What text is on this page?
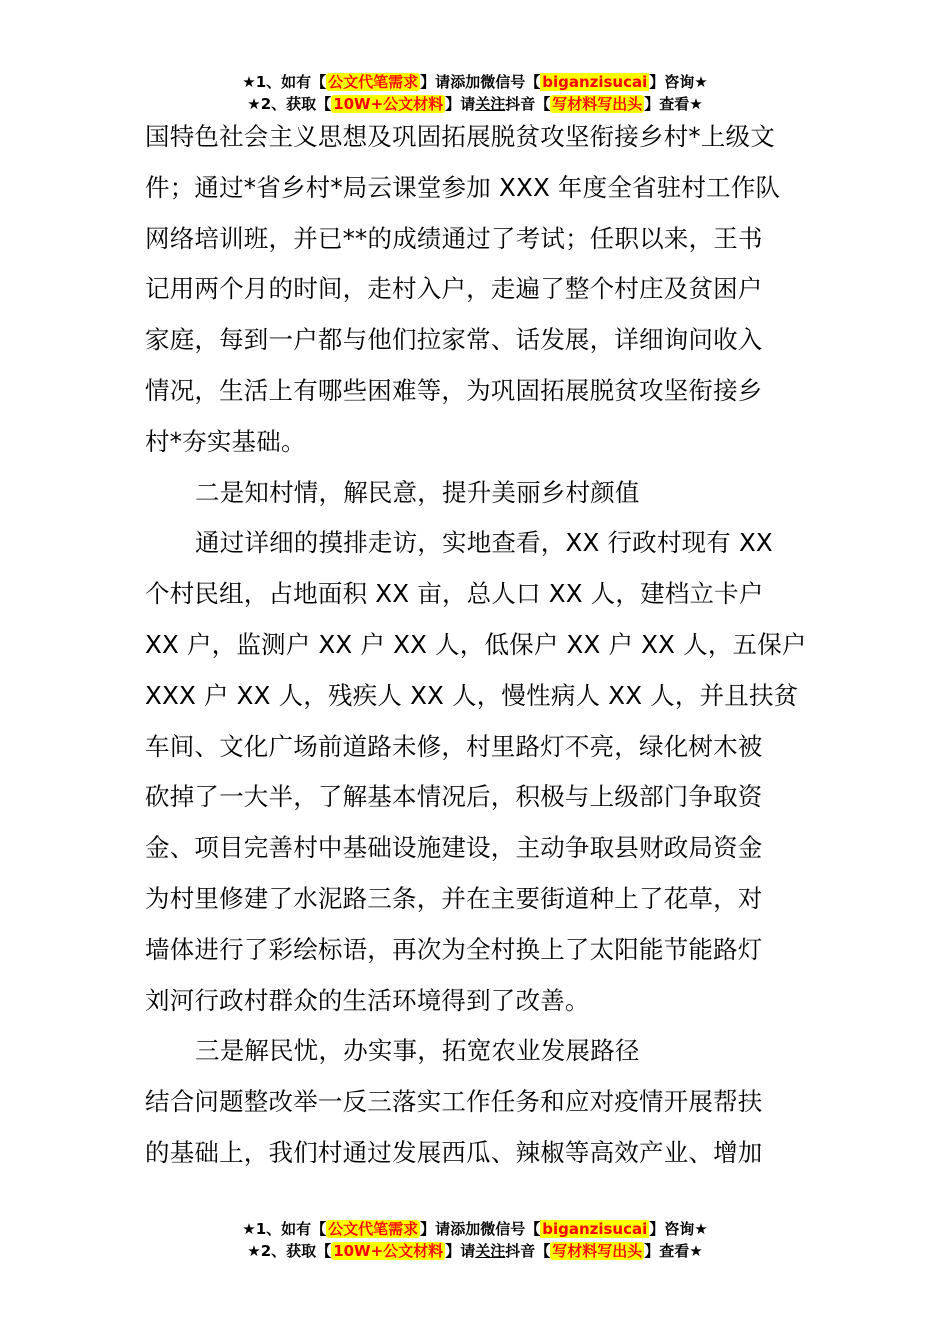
★1、如有【 公文代笔需求 】请添加微信号【 biganzisucai 】咨询★
★2、获取【 10W+公文材料 】请关注抖音【 写材料写出头 】查看★
国特色社会主义思想及巩固拓展脱贫攻坚衔接乡村*上级文
件；通过*省乡村*局云课堂参加 XXX 年度全省驻村工作队
网络培训班，并已**的成绩通过了考试；任职以来，王书
记用两个月的时间，走村入户，走遍了整个村庄及贫困户
家庭，每到一户都与他们拉家常、话发展，详细询问收入
情况，生活上有哪些困难等，为巩固拓展脱贫攻坚衔接乡
村*夯实基础。
二是知村情，解民意，提升美丽乡村颜值
通过详细的摸排走访，实地查看，XX 行政村现有 XX
个村民组，占地面积 XX 亩，总人口 XX 人，建档立卡户
XX 户，监测户 XX 户 XX 人，低保户 XX 户 XX 人，五保户
XXX 户 XX 人，残疾人 XX 人，慢性病人 XX 人，并且扶贫
车间、文化广场前道路未修，村里路灯不亮，绿化树木被
砍掉了一大半，了解基本情况后，积极与上级部门争取资
金、项目完善村中基础设施建设，主动争取县财政局资金
为村里修建了水泥路三条，并在主要街道种上了花草，对
墙体进行了彩绘标语，再次为全村换上了太阳能节能路灯
刘河行政村群众的生活环境得到了改善。
三是解民忧，办实事，拓宽农业发展路径
结合问题整改举一反三落实工作任务和应对疫情开展帮扶
的基础上，我们村通过发展西瓜、辣椒等高效产业、增加
★1、如有【 公文代笔需求 】请添加微信号【 biganzisucai 】咨询★
★2、获取【 10W+公文材料 】请关注抖音【 写材料写出头 】查看★
